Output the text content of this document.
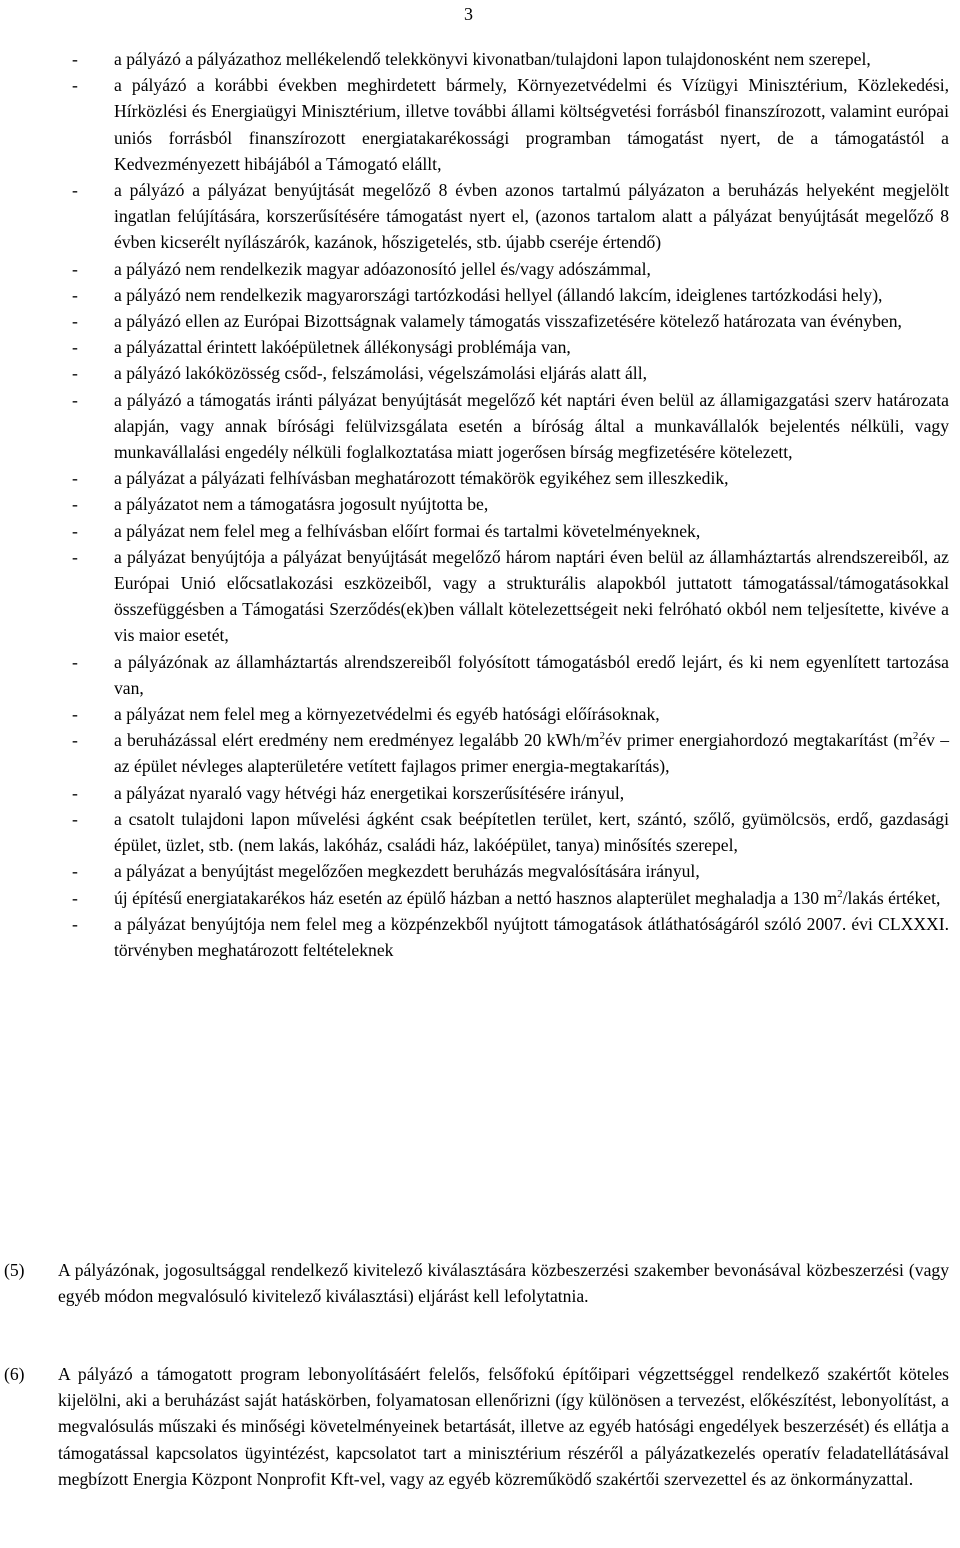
3
- a pályázó a pályázathoz mellékelendő telekkönyvi kivonatban/tulajdoni lapon tulajdonosként nem szerepel,
- a pályázó a korábbi években meghirdetett bármely, Környezetvédelmi és Vízügyi Minisztérium, Közlekedési, Hírközlési és Energiaügyi Minisztérium, illetve további állami költségvetési forrásból finanszírozott, valamint európai uniós forrásból finanszírozott energiatakarékossági programban támogatást nyert, de a támogatástól a Kedvezményezett hibájából a Támogató elállt,
- a pályázó a pályázat benyújtását megelőző 8 évben azonos tartalmú pályázaton a beruházás helyeként megjelölt ingatlan felújítására, korszerűsítésére támogatást nyert el, (azonos tartalom alatt a pályázat benyújtását megelőző 8 évben kicserélt nyílászárók, kazánok, hőszigetelés, stb. újabb cseréje értendő)
- a pályázó nem rendelkezik magyar adóazonosító jellel és/vagy adószámmal,
- a pályázó nem rendelkezik magyarországi tartózkodási hellyel (állandó lakcím, ideiglenes tartózkodási hely),
- a pályázó ellen az Európai Bizottságnak valamely támogatás visszafizetésére kötelező határozata van évényben,
- a pályázattal érintett lakóépületnek állékonysági problémája van,
- a pályázó lakóközösség csőd-, felszámolási, végelszámolási eljárás alatt áll,
- a pályázó a támogatás iránti pályázat benyújtását megelőző két naptári éven belül az államigazgatási szerv határozata alapján, vagy annak bírósági felülvizsgálata esetén a bíróság által a munkavállalók bejelentés nélküli, vagy munkavállalási engedély nélküli foglalkoztatása miatt jogerősen bírság megfizetésére kötelezett,
- a pályázat a pályázati felhívásban meghatározott témakörök egyikéhez sem illeszkedik,
- a pályázatot nem a támogatásra jogosult nyújtotta be,
- a pályázat nem felel meg a felhívásban előírt formai és tartalmi követelményeknek,
- a pályázat benyújtója a pályázat benyújtását megelőző három naptári éven belül az államháztartás alrendszereiből, az Európai Unió előcsatlakozási eszközeiből, vagy a strukturális alapokból juttatott támogatással/támogatásokkal összefüggésben a Támogatási Szerződés(ek)ben vállalt kötelezettségeit neki felróható okból nem teljesítette, kivéve a vis maior esetét,
- a pályázónak az államháztartás alrendszereiből folyósított támogatásból eredő lejárt, és ki nem egyenlített tartozása van,
- a pályázat nem felel meg a környezetvédelmi és egyéb hatósági előírásoknak,
- a beruházással elért eredmény nem eredményez legalább 20 kWh/$m^2év$ primer energiahordozó megtakarítást ($m^2év$ – az épület névleges alapterületére vetített fajlagos primer energia-megtakarítás),
- a pályázat nyaraló vagy hétvégi ház energetikai korszerűsítésére irányul,
- a csatolt tulajdoni lapon művelési ágként csak beépítetlen terület, kert, szántó, szőlő, gyümölcsös, erdő, gazdasági épület, üzlet, stb. (nem lakás, lakóház, családi ház, lakóépület, tanya) minősítés szerepel,
- a pályázat a benyújtást megelőzően megkezdett beruházás megvalósítására irányul,
- új építésű energiatakarékos ház esetén az épülő házban a nettó hasznos alapterület meghaladja a 130 $m^2$/lakás értéket,
- a pályázat benyújtója nem felel meg a közpénzekből nyújtott támogatások átláthatóságáról szóló 2007. évi CLXXXI. törvényben meghatározott feltételeknek
(5) A pályázónak, jogosultsággal rendelkező kivitelező kiválasztására közbeszerzési szakember bevonásával közbeszerzési (vagy egyéb módon megvalósuló kivitelező kiválasztási) eljárást kell lefolytatnia.
(6) A pályázó a támogatott program lebonyolításáért felelős, felsőfokú építőipari végzettséggel rendelkező szakértőt köteles kijelölni, aki a beruházást saját hatáskörben, folyamatosan ellenőrizni (így különösen a tervezést, előkészítést, lebonyolítást, a megvalósulás műszaki és minőségi követelményeinek betartását, illetve az egyéb hatósági engedélyek beszerzését) és ellátja a támogatással kapcsolatos ügyintézést, kapcsolatot tart a minisztérium részéről a pályázatkezelés operatív feladatellátásával megbízott Energia Központ Nonprofit Kft-vel, vagy az egyéb közreműködő szakértői szervezettel és az önkormányzattal.
